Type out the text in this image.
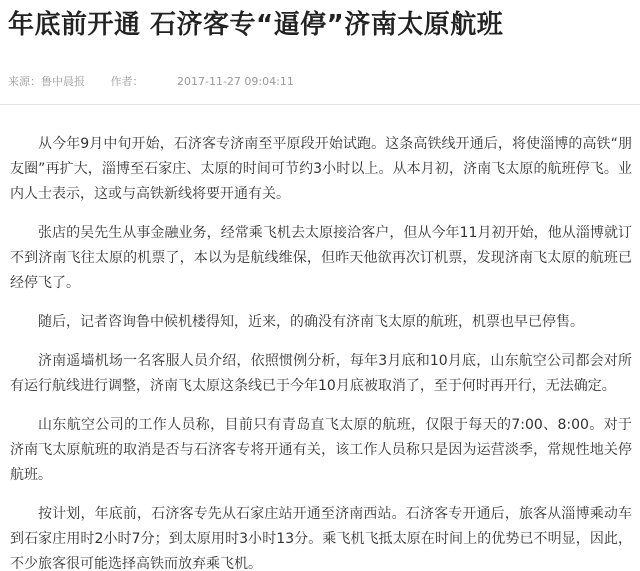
年底前开通 石济客专“逼停”济南太原航班
来源：鲁中晨报 作者：	2017-11-27 09:04:11

从今年9月中旬开始，石济客专济南至平原段开始试跑。这条高铁线开通后，将使淄博的高铁“朋友圈”再扩大，淄博至石家庄、太原的时间可节约3小时以上。从本月初，济南飞太原的航班停飞。业内人士表示，这或与高铁新线将要开通有关。

张店的吴先生从事金融业务，经常乘飞机去太原接洽客户，但从今年11月初开始，他从淄博就订不到济南飞往太原的机票了，本以为是航线维保，但昨天他欲再次订机票，发现济南飞太原的航班已经停飞了。

随后，记者咨询鲁中候机楼得知，近来，的确没有济南飞太原的航班，机票也早已停售。

济南遥墙机场一名客服人员介绍，依照惯例分析，每年3月底和10月底，山东航空公司都会对所有运行航线进行调整，济南飞太原这条线已于今年10月底被取消了，至于何时再开行，无法确定。

山东航空公司的工作人员称，目前只有青岛直飞太原的航班，仅限于每天的7:00、8:00。对于济南飞太原航班的取消是否与石济客专将开通有关，该工作人员称只是因为运营淡季，常规性地关停航班。

按计划，年底前，石济客专先从石家庄站开通至济南西站。石济客专开通后，旅客从淄博乘动车到石家庄用时2小时7分；到太原用时3小时13分。乘飞机飞抵太原在时间上的优势已不明显，因此，不少旅客很可能选择高铁而放弃乘飞机。
